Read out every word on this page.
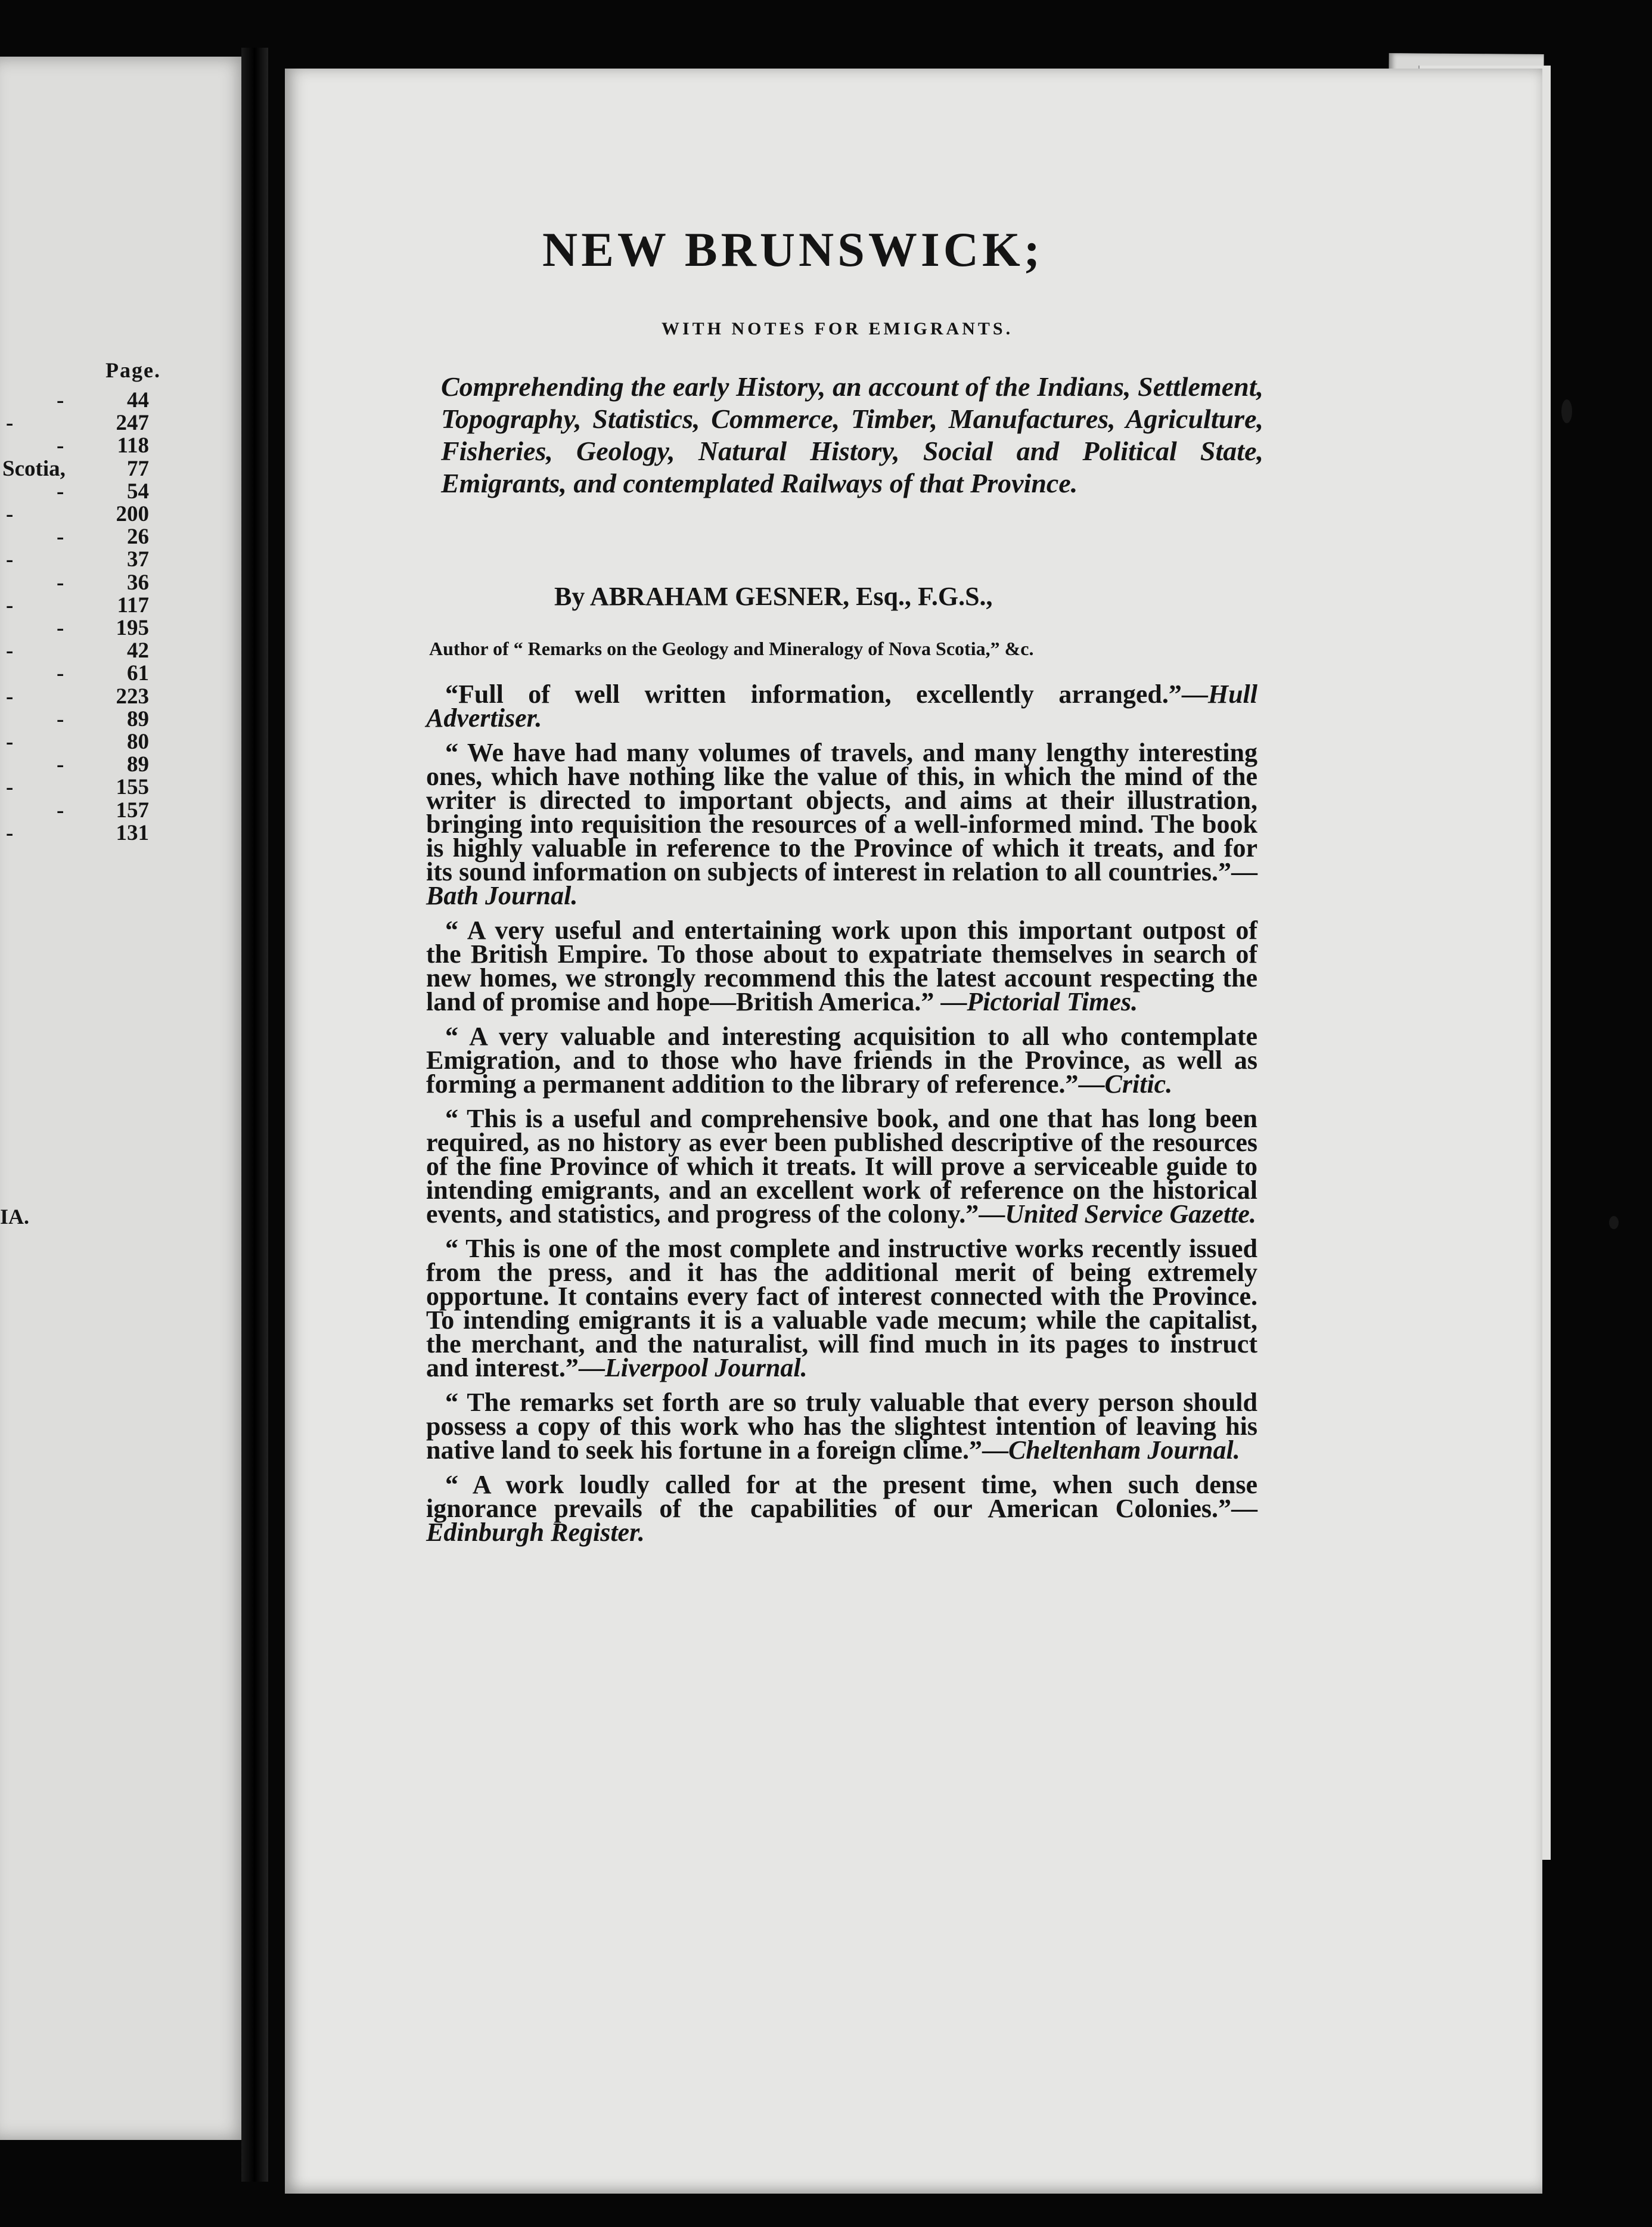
Page.
-	44
-	247
- 118
Scotia,	77
-	54
-	200
-	26
-	37
-	36
-	117
- 195
-	42
-	61
-	223
-	89
-	80
-	89
-	155
- 157
-	131
IA.
NEW BRUNSWICK;
WITH NOTES FOR EMIGRANTS.
Comprehending the early History, an account of the Indians, Settlement, Topography, Statistics, Commerce, Timber, Manufactures, Agriculture, Fisheries, Geology, Natural History, Social and Political State, Emigrants, and contemplated Railways of that Province.
By ABRAHAM GESNER, Esq., F.G.S.,
Author of “ Remarks on the Geology and Mineralogy of Nova Scotia,” &c.

“Full of well written information, excellently arranged.”—Hull Advertiser.

“ We have had many volumes of travels, and many lengthy interesting ones, which have nothing like the value of this, in which the mind of the writer is directed to important objects, and aims at their illustration, bringing into requisition the resources of a well-informed mind. The book is highly valuable in reference to the Province of which it treats, and for its sound information on subjects of interest in relation to all countries.”—Bath Journal.

“ A very useful and entertaining work upon this important outpost of the British Empire. To those about to expatriate themselves in search of new homes, we strongly recommend this the latest account respecting the land of promise and hope—British America.” —Pictorial Times.

“ A very valuable and interesting acquisition to all who contemplate Emigration, and to those who have friends in the Province, as well as forming a permanent addition to the library of reference.”—Critic.

“ This is a useful and comprehensive book, and one that has long been required, as no history as ever been published descriptive of the resources of the fine Province of which it treats. It will prove a serviceable guide to intending emigrants, and an excellent work of reference on the historical events, and statistics, and progress of the colony.”—United Service Gazette.

“ This is one of the most complete and instructive works recently issued from the press, and it has the additional merit of being extremely opportune. It contains every fact of interest connected with the Province. To intending emigrants it is a valuable vade mecum; while the capitalist, the merchant, and the naturalist, will find much in its pages to instruct and interest.”—Liverpool Journal.

“ The remarks set forth are so truly valuable that every person should possess a copy of this work who has the slightest intention of leaving his native land to seek his fortune in a foreign clime.”—Cheltenham Journal.

“ A work loudly called for at the present time, when such dense ignorance prevails of the capabilities of our American Colonies.”—Edinburgh Register.
